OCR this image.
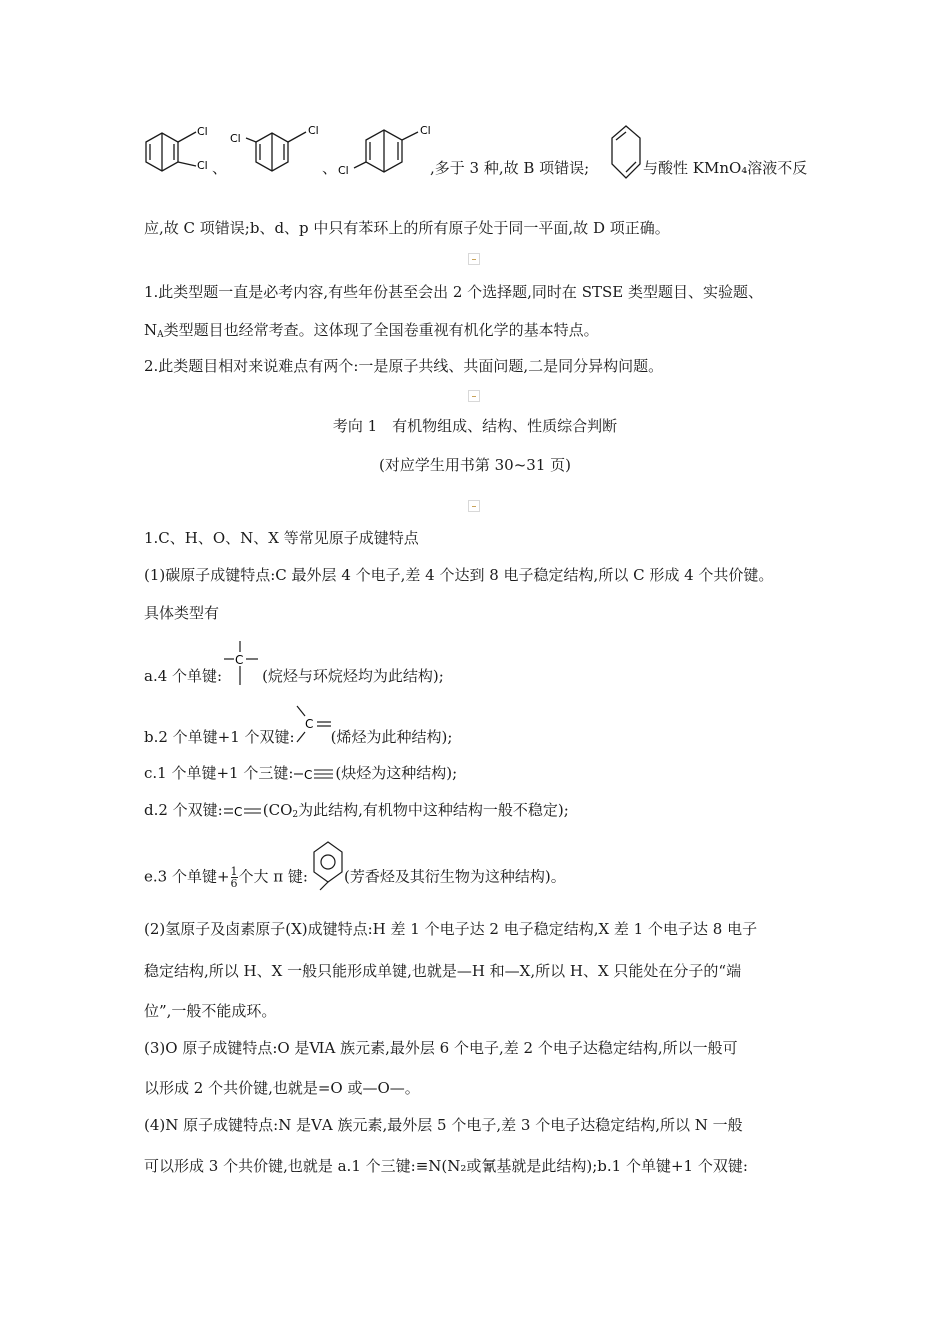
Cl
Cl 、
Cl
Cl
、 Cl
Cl
,多于 3 种,故 B 项错误;	与酸性 KMnO₄溶液不反
应,故 C 项错误;b、d、p 中只有苯环上的所有原子处于同一平面,故 D 项正确。
1.此类型题一直是必考内容,有些年份甚至会出 2 个选择题,同时在 STSE 类型题目、实验题、
$N_A$类型题目也经常考查。这体现了全国卷重视有机化学的基本特点。
2.此类题目相对来说难点有两个:一是原子共线、共面问题,二是同分异构问题。
考向 1　有机物组成、结构、性质综合判断
(对应学生用书第 30~31 页)
1.C、H、O、N、X 等常见原子成键特点
(1)碳原子成键特点:C 最外层 4 个电子,差 4 个达到 8 电子稳定结构,所以 C 形成 4 个共价键。
具体类型有
a.4 个单键:
C
(烷烃与环烷烃均为此结构);
b.2 个单键+1 个双键:
C
(烯烃为此种结构);
c.1 个单键+1 个三键: C (炔烃为这种结构);
d.2 个双键: C ($CO_2$为此结构,有机物中这种结构一般不稳定);
e.3 个单键+ $\frac{1}{6}$ 个大 π 键: (芳香烃及其衍生物为这种结构)。
(2)氢原子及卤素原子(X)成键特点:H 差 1 个电子达 2 电子稳定结构,X 差 1 个电子达 8 电子
稳定结构,所以 H、X 一般只能形成单键,也就是—H 和—X,所以 H、X 只能处在分子的“端
位”,一般不能成环。
(3)O 原子成键特点:O 是ⅥA 族元素,最外层 6 个电子,差 2 个电子达稳定结构,所以一般可
以形成 2 个共价键,也就是=O 或—O—。
(4)N 原子成键特点:N 是ⅤA 族元素,最外层 5 个电子,差 3 个电子达稳定结构,所以 N 一般
可以形成 3 个共价键,也就是 a.1 个三键:≡N(N₂或氰基就是此结构);b.1 个单键+1 个双键:
